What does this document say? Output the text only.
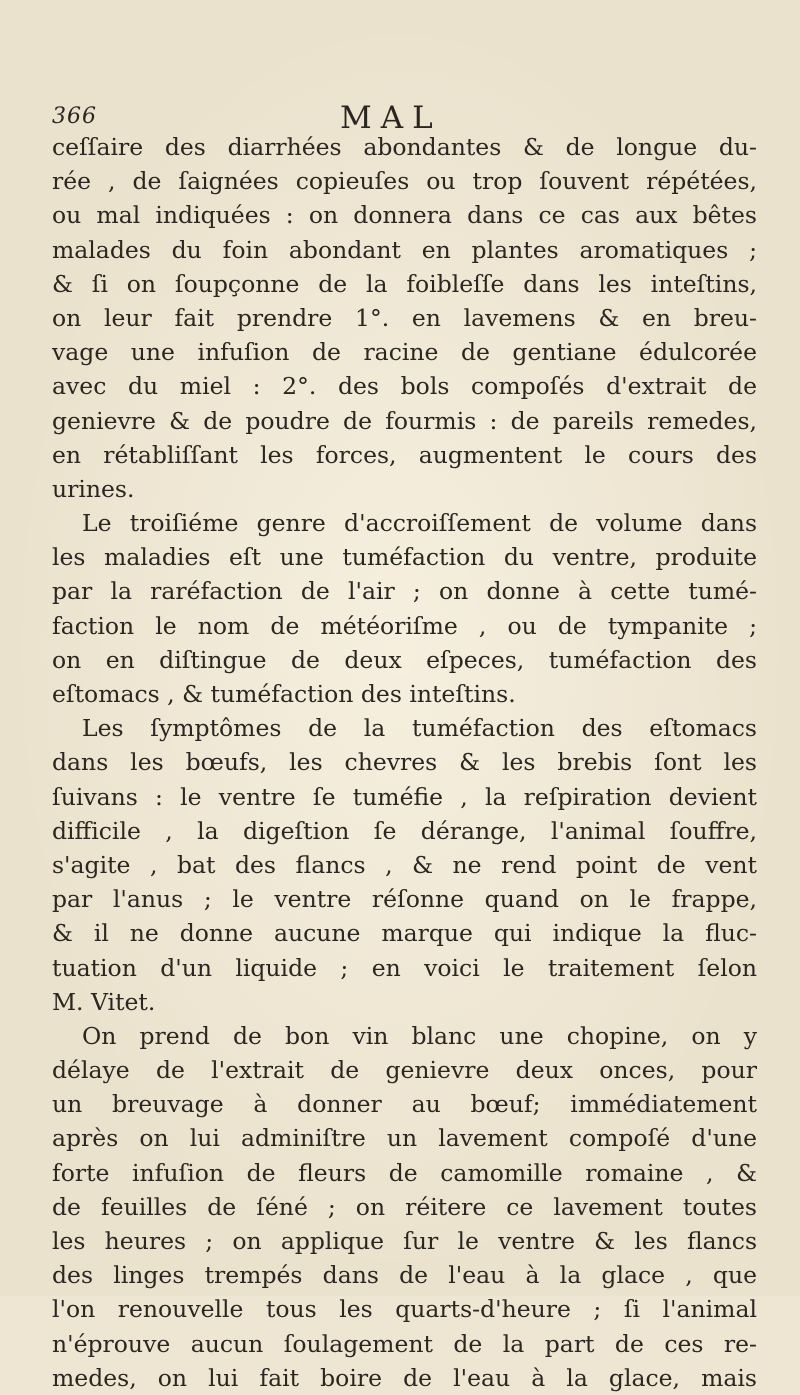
366	MAL
ceſſaire des diarrhées abondantes & de longue du-
rée , de ſaignées copieuſes ou trop ſouvent répétées,
ou mal indiquées : on donnera dans ce cas aux bêtes
malades du foin abondant en plantes aromatiques ;
& ſi on ſoupçonne de la foibleſſe dans les inteſtins,
on leur fait prendre 1°. en lavemens & en breu-
vage une infuſion de racine de gentiane édulcorée
avec du miel : 2°. des bols compoſés d'extrait de
genievre & de poudre de fourmis : de pareils remedes,
en rétabliſſant les forces, augmentent le cours des
urines.
Le troiſiéme genre d'accroiſſement de volume dans
les maladies eſt une tuméfaction du ventre, produite
par la raréfaction de l'air ; on donne à cette tumé-
faction le nom de météoriſme , ou de tympanite ;
on en diſtingue de deux eſpeces, tuméfaction des
eſtomacs , & tuméfaction des inteſtins.
Les ſymptômes de la tuméfaction des eſtomacs
dans les bœufs, les chevres & les brebis ſont les
ſuivans : le ventre ſe tuméfie , la reſpiration devient
difficile , la digeſtion ſe dérange, l'animal ſouffre,
s'agite , bat des flancs , & ne rend point de vent
par l'anus ; le ventre réſonne quand on le frappe,
& il ne donne aucune marque qui indique la fluc-
tuation d'un liquide ; en voici le traitement ſelon
M. Vitet.
On prend de bon vin blanc une chopine, on y
délaye de l'extrait de genievre deux onces, pour
un breuvage à donner au bœuf; immédiatement
après on lui adminiſtre un lavement compoſé d'une
forte infuſion de fleurs de camomille romaine , &
de feuilles de ſéné ; on réitere ce lavement toutes
les heures ; on applique ſur le ventre & les flancs
des linges trempés dans de l'eau à la glace , que
l'on renouvelle tous les quarts-d'heure ; ſi l'animal
n'éprouve aucun ſoulagement de la part de ces re-
medes, on lui fait boire de l'eau à la glace, mais
